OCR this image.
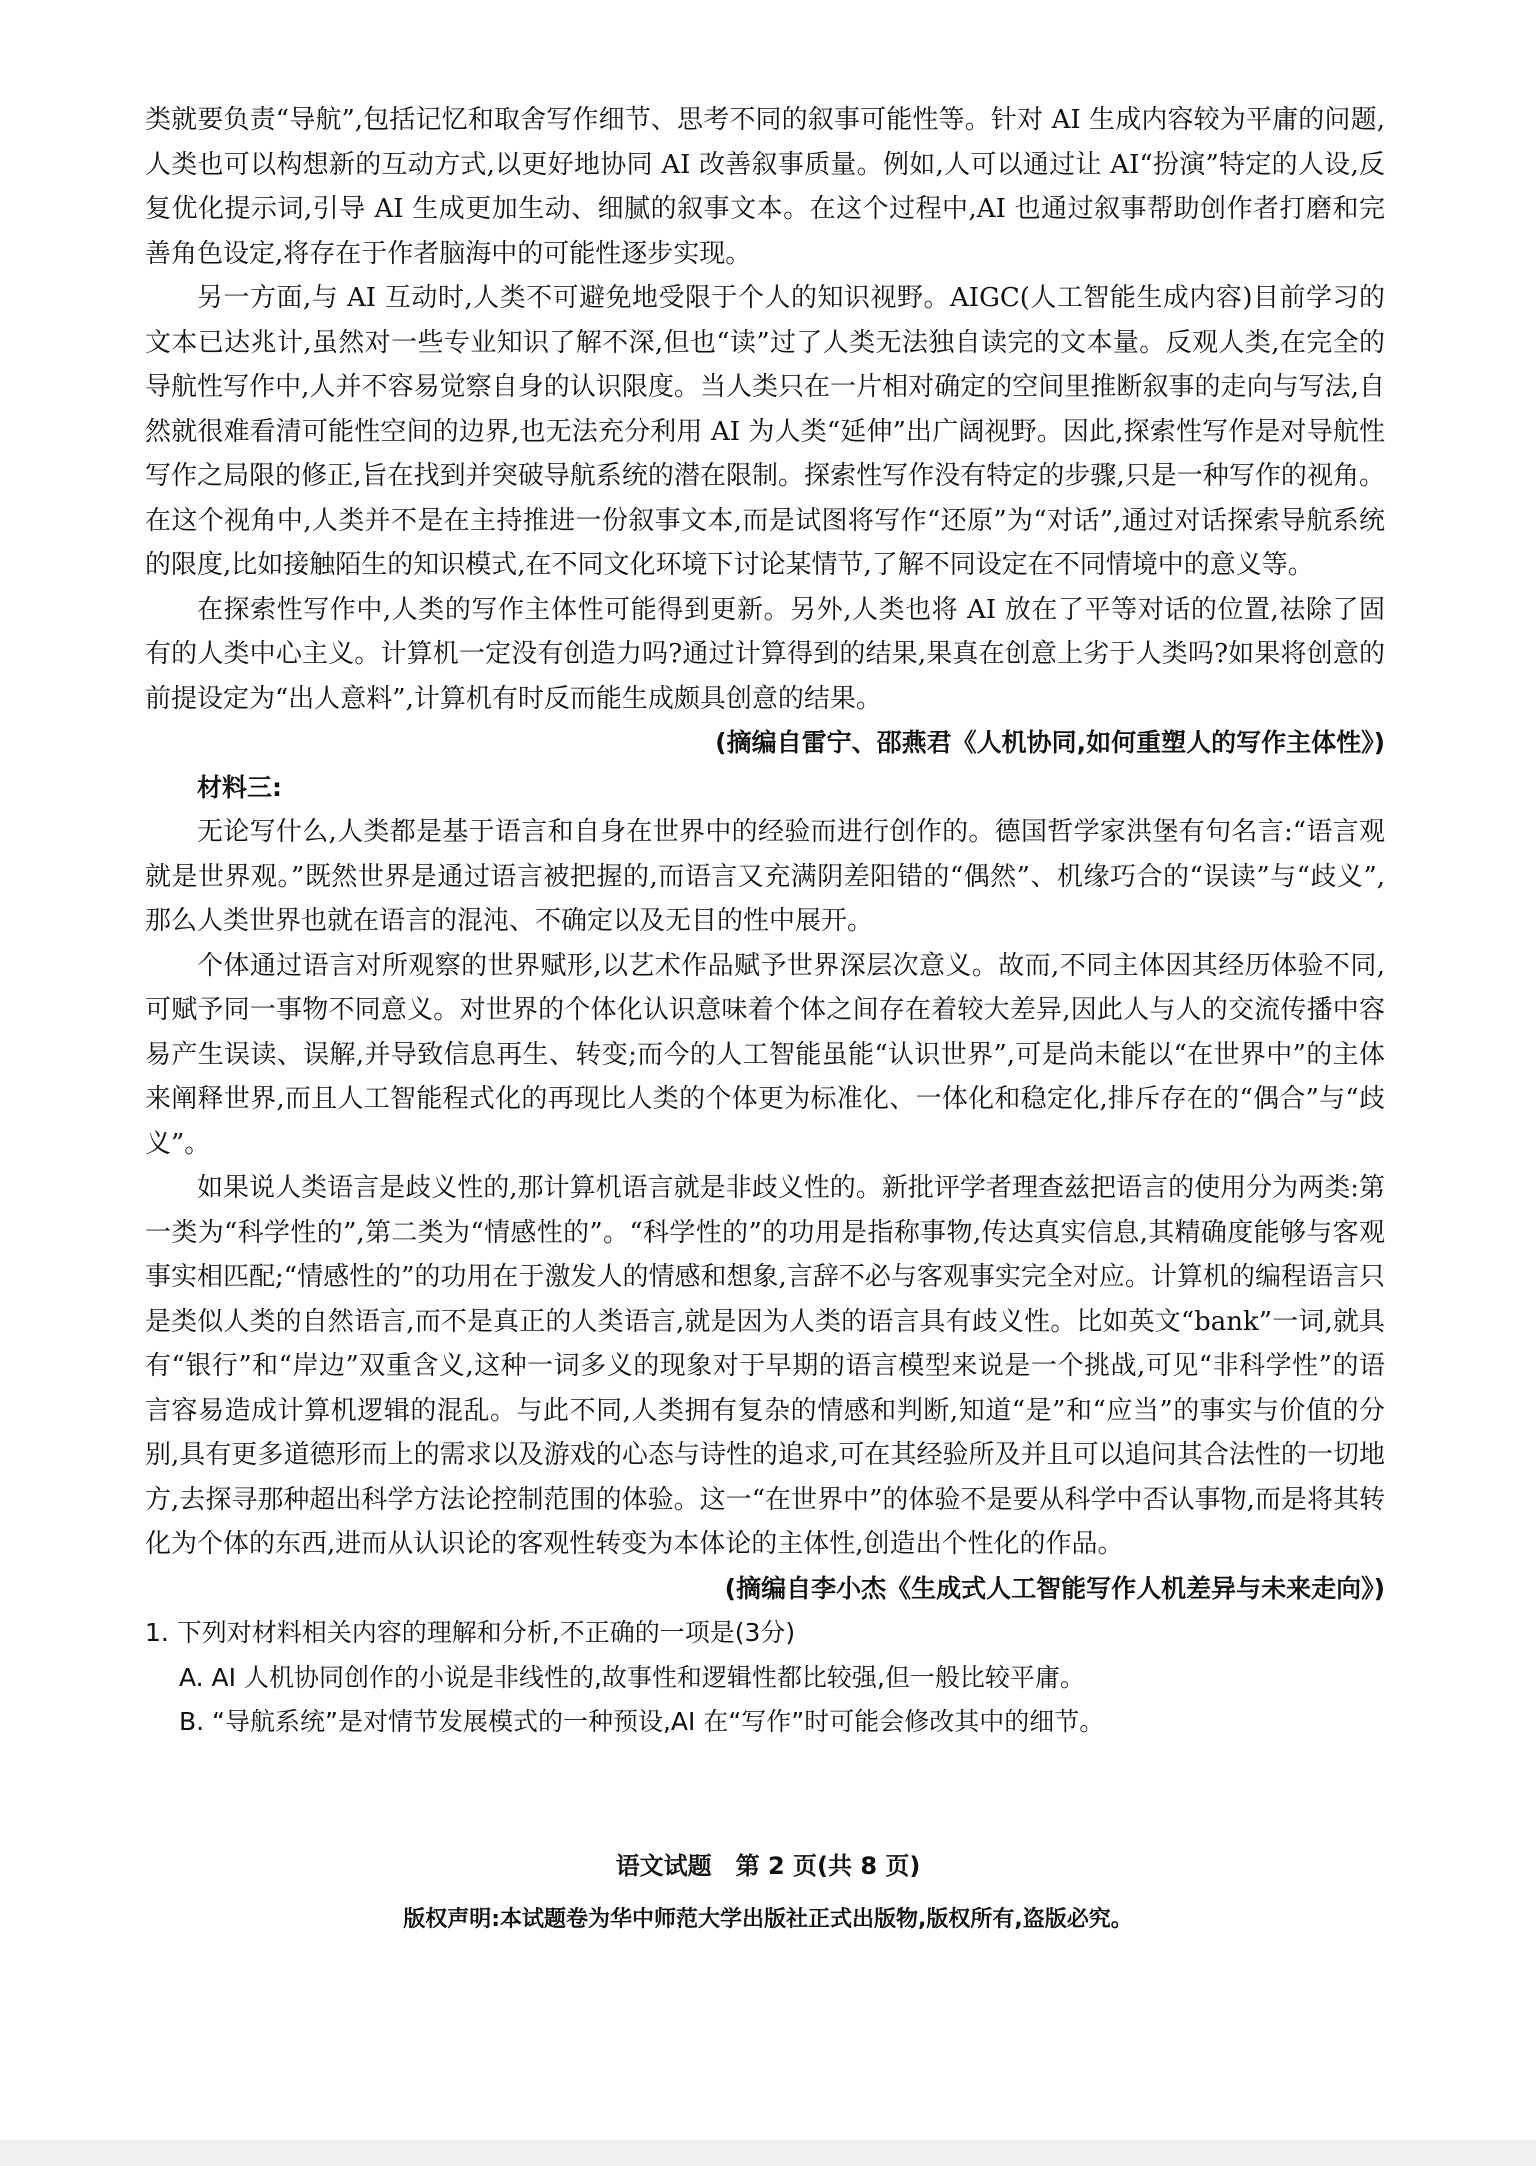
类就要负责“导航”,包括记忆和取舍写作细节、思考不同的叙事可能性等。针对 AI 生成内容较为平庸的问题,人类也可以构想新的互动方式,以更好地协同 AI 改善叙事质量。例如,人可以通过让 AI“扮演”特定的人设,反复优化提示词,引导 AI 生成更加生动、细腻的叙事文本。在这个过程中,AI 也通过叙事帮助创作者打磨和完善角色设定,将存在于作者脑海中的可能性逐步实现。

另一方面,与 AI 互动时,人类不可避免地受限于个人的知识视野。AIGC(人工智能生成内容)目前学习的文本已达兆计,虽然对一些专业知识了解不深,但也“读”过了人类无法独自读完的文本量。反观人类,在完全的导航性写作中,人并不容易觉察自身的认识限度。当人类只在一片相对确定的空间里推断叙事的走向与写法,自然就很难看清可能性空间的边界,也无法充分利用 AI 为人类“延伸”出广阔视野。因此,探索性写作是对导航性写作之局限的修正,旨在找到并突破导航系统的潜在限制。探索性写作没有特定的步骤,只是一种写作的视角。在这个视角中,人类并不是在主持推进一份叙事文本,而是试图将写作“还原”为“对话”,通过对话探索导航系统的限度,比如接触陌生的知识模式,在不同文化环境下讨论某情节,了解不同设定在不同情境中的意义等。

在探索性写作中,人类的写作主体性可能得到更新。另外,人类也将 AI 放在了平等对话的位置,祛除了固有的人类中心主义。计算机一定没有创造力吗?通过计算得到的结果,果真在创意上劣于人类吗?如果将创意的前提设定为“出人意料”,计算机有时反而能生成颇具创意的结果。

(摘编自雷宁、邵燕君《人机协同,如何重塑人的写作主体性》)

材料三:

无论写什么,人类都是基于语言和自身在世界中的经验而进行创作的。德国哲学家洪堡有句名言:“语言观就是世界观。”既然世界是通过语言被把握的,而语言又充满阴差阳错的“偶然”、机缘巧合的“误读”与“歧义”,那么人类世界也就在语言的混沌、不确定以及无目的性中展开。

个体通过语言对所观察的世界赋形,以艺术作品赋予世界深层次意义。故而,不同主体因其经历体验不同,可赋予同一事物不同意义。对世界的个体化认识意味着个体之间存在着较大差异,因此人与人的交流传播中容易产生误读、误解,并导致信息再生、转变;而今的人工智能虽能“认识世界”,可是尚未能以“在世界中”的主体来阐释世界,而且人工智能程式化的再现比人类的个体更为标准化、一体化和稳定化,排斥存在的“偶合”与“歧义”。

如果说人类语言是歧义性的,那计算机语言就是非歧义性的。新批评学者理查兹把语言的使用分为两类:第一类为“科学性的”,第二类为“情感性的”。“科学性的”的功用是指称事物,传达真实信息,其精确度能够与客观事实相匹配;“情感性的”的功用在于激发人的情感和想象,言辞不必与客观事实完全对应。计算机的编程语言只是类似人类的自然语言,而不是真正的人类语言,就是因为人类的语言具有歧义性。比如英文“bank”一词,就具有“银行”和“岸边”双重含义,这种一词多义的现象对于早期的语言模型来说是一个挑战,可见“非科学性”的语言容易造成计算机逻辑的混乱。与此不同,人类拥有复杂的情感和判断,知道“是”和“应当”的事实与价值的分别,具有更多道德形而上的需求以及游戏的心态与诗性的追求,可在其经验所及并且可以追问其合法性的一切地方,去探寻那种超出科学方法论控制范围的体验。这一“在世界中”的体验不是要从科学中否认事物,而是将其转化为个体的东西,进而从认识论的客观性转变为本体论的主体性,创造出个性化的作品。

(摘编自李小杰《生成式人工智能写作人机差异与未来走向》)

1. 下列对材料相关内容的理解和分析,不正确的一项是(3分)

A. AI 人机协同创作的小说是非线性的,故事性和逻辑性都比较强,但一般比较平庸。

B. “导航系统”是对情节发展模式的一种预设,AI 在“写作”时可能会修改其中的细节。

语文试题　第 2 页(共 8 页)
版权声明:本试题卷为华中师范大学出版社正式出版物,版权所有,盗版必究。
